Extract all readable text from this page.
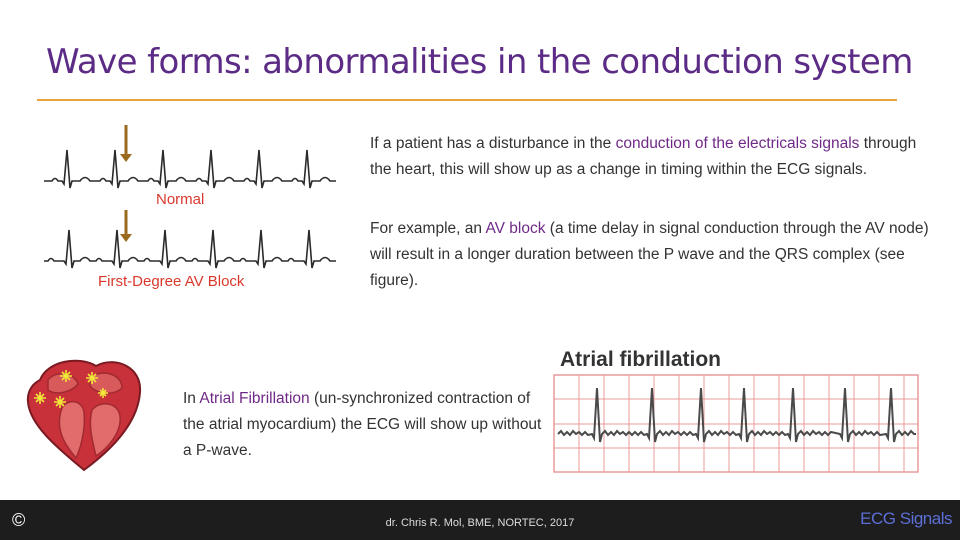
Wave forms: abnormalities in the conduction system
Normal
First-Degree AV Block
If a patient has a disturbance in the conduction of the electricals signals through the heart, this will show up as a change in timing within the ECG signals.
For example, an AV block (a time delay in signal conduction through the AV node) will result in a longer duration between the P wave and the QRS complex (see figure).
In Atrial Fibrillation (un-synchronized contraction of the atrial myocardium) the ECG will show up without a P-wave.
Atrial fibrillation
©	dr. Chris R. Mol, BME, NORTEC, 2017	ECG Signals
